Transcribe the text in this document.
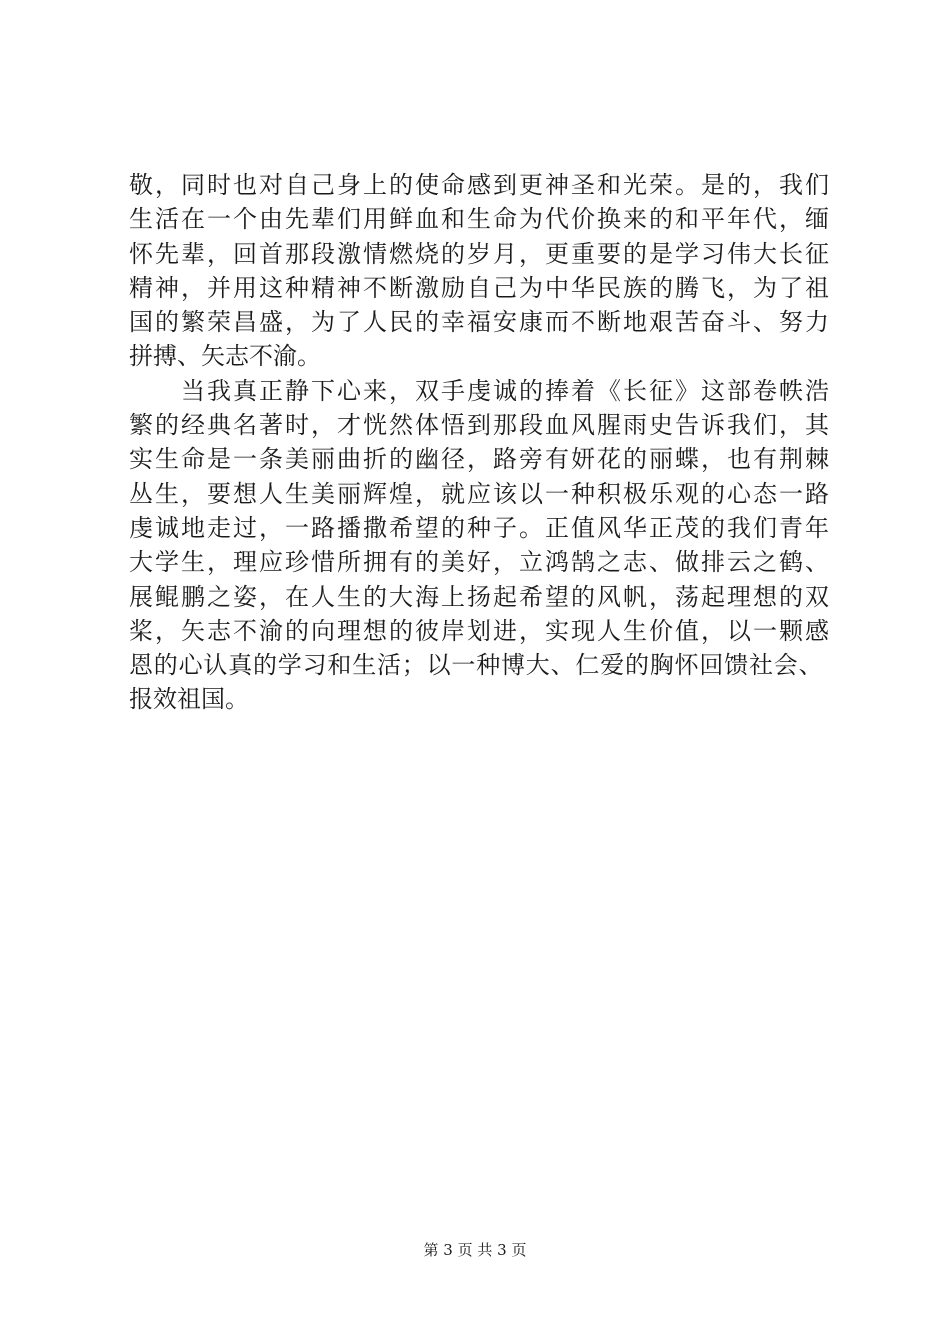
敬，同时也对自己身上的使命感到更神圣和光荣。是的，我们
生活在一个由先辈们用鲜血和生命为代价换来的和平年代，缅
怀先辈，回首那段激情燃烧的岁月，更重要的是学习伟大长征
精神，并用这种精神不断激励自己为中华民族的腾飞，为了祖
国的繁荣昌盛，为了人民的幸福安康而不断地艰苦奋斗、努力
拼搏、矢志不渝。
　　当我真正静下心来，双手虔诚的捧着《长征》这部卷帙浩
繁的经典名著时，才恍然体悟到那段血风腥雨史告诉我们，其
实生命是一条美丽曲折的幽径，路旁有妍花的丽蝶，也有荆棘
丛生，要想人生美丽辉煌，就应该以一种积极乐观的心态一路
虔诚地走过，一路播撒希望的种子。正值风华正茂的我们青年
大学生，理应珍惜所拥有的美好，立鸿鹄之志、做排云之鹤、
展鲲鹏之姿，在人生的大海上扬起希望的风帆，荡起理想的双
桨，矢志不渝的向理想的彼岸划进，实现人生价值，以一颗感
恩的心认真的学习和生活；以一种博大、仁爱的胸怀回馈社会、
报效祖国。
第 3 页 共 3 页
